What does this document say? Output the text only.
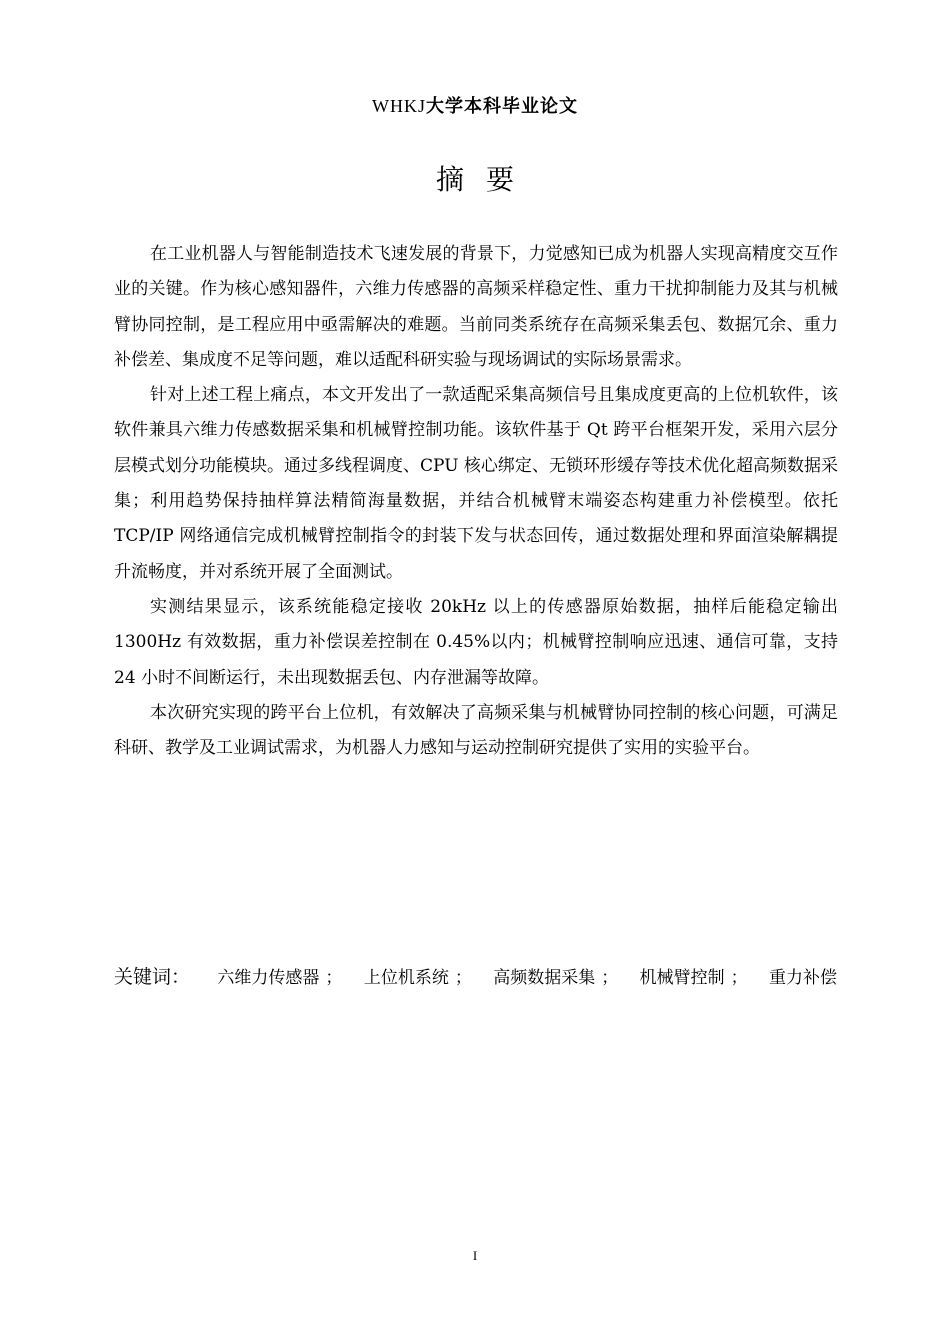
WHKJ大学本科毕业论文
摘要

在工业机器人与智能制造技术飞速发展的背景下，力觉感知已成为机器人实现高精度交互作业的关键。作为核心感知器件，六维力传感器的高频采样稳定性、重力干扰抑制能力及其与机械臂协同控制，是工程应用中亟需解决的难题。当前同类系统存在高频采集丢包、数据冗余、重力补偿差、集成度不足等问题，难以适配科研实验与现场调试的实际场景需求。

针对上述工程上痛点，本文开发出了一款适配采集高频信号且集成度更高的上位机软件，该软件兼具六维力传感数据采集和机械臂控制功能。该软件基于 Qt 跨平台框架开发，采用六层分层模式划分功能模块。通过多线程调度、CPU 核心绑定、无锁环形缓存等技术优化超高频数据采集；利用趋势保持抽样算法精简海量数据，并结合机械臂末端姿态构建重力补偿模型。依托 TCP/IP 网络通信完成机械臂控制指令的封装下发与状态回传，通过数据处理和界面渲染解耦提升流畅度，并对系统开展了全面测试。

实测结果显示，该系统能稳定接收 20kHz 以上的传感器原始数据，抽样后能稳定输出 1300Hz 有效数据，重力补偿误差控制在 0.45%以内；机械臂控制响应迅速、通信可靠，支持 24 小时不间断运行，未出现数据丢包、内存泄漏等故障。

本次研究实现的跨平台上位机，有效解决了高频采集与机械臂协同控制的核心问题，可满足科研、教学及工业调试需求，为机器人力感知与运动控制研究提供了实用的实验平台。

关键词： 六维力传感器 ； 上位机系统 ； 高频数据采集 ； 机械臂控制 ； 重力补偿
I
